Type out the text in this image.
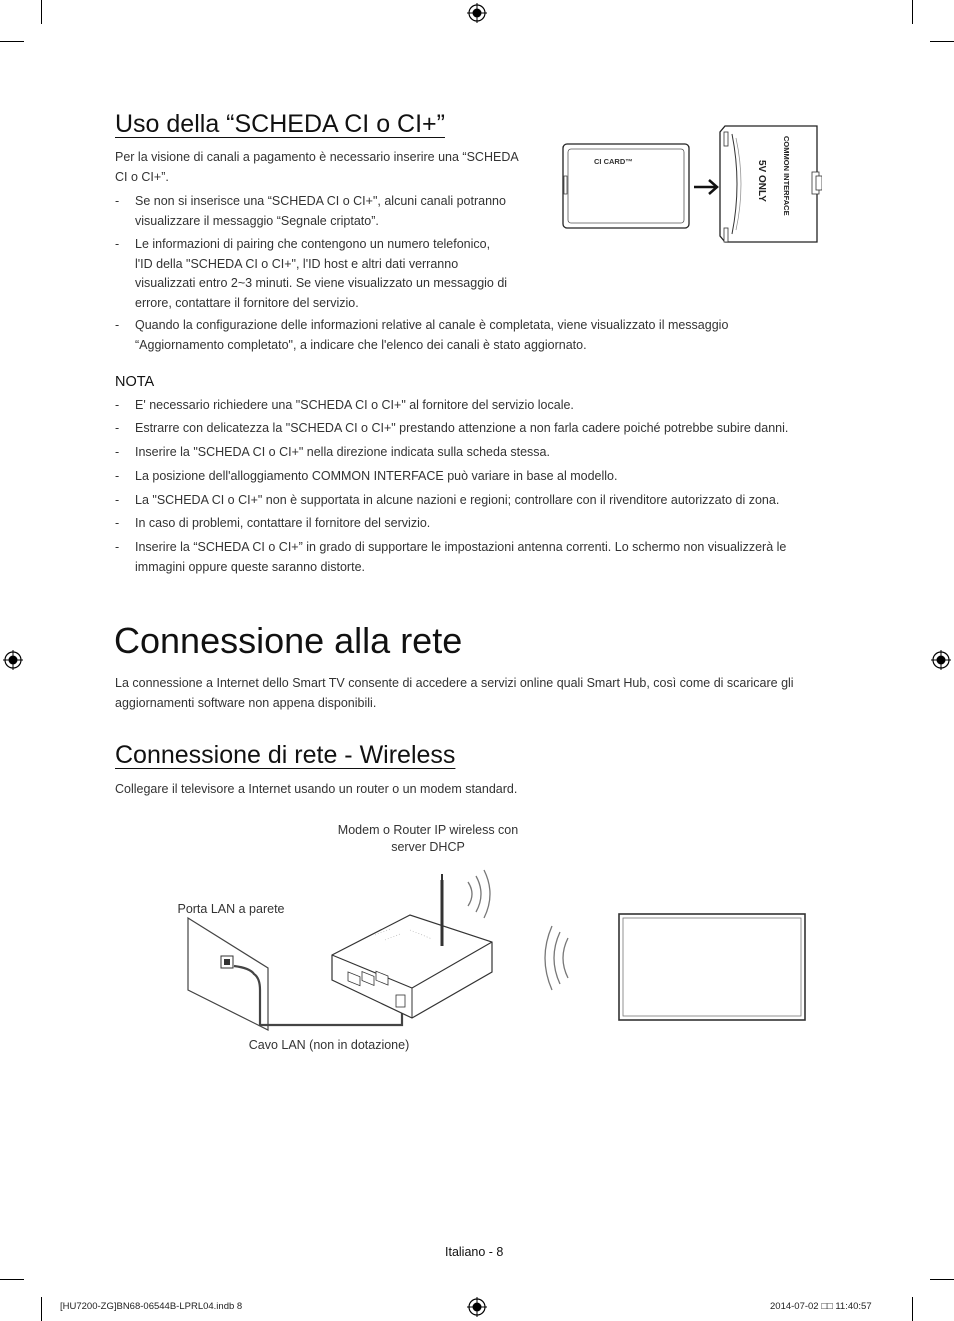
Uso della “SCHEDA CI o CI+”
Per la visione di canali a pagamento è necessario inserire una “SCHEDA
CI o CI+”.
- Se non si inserisce una “SCHEDA CI o CI+", alcuni canali potranno
visualizzare il messaggio “Segnale criptato”.
- Le informazioni di pairing che contengono un numero telefonico,
l'ID della "SCHEDA CI o CI+", l'ID host e altri dati verranno
visualizzati entro 2~3 minuti. Se viene visualizzato un messaggio di
errore, contattare il fornitore del servizio.
- Quando la configurazione delle informazioni relative al canale è completata, viene visualizzato il messaggio
“Aggiornamento completato", a indicare che l'elenco dei canali è stato aggiornato.
CI CARD™	COMMON INTERFACE
5V ONLY
NOTA
- E' necessario richiedere una "SCHEDA CI o CI+" al fornitore del servizio locale.
- Estrarre con delicatezza la "SCHEDA CI o CI+" prestando attenzione a non farla cadere poiché potrebbe subire danni.
- Inserire la "SCHEDA CI o CI+" nella direzione indicata sulla scheda stessa.
- La posizione dell'alloggiamento COMMON INTERFACE può variare in base al modello.
- La "SCHEDA CI o CI+" non è supportata in alcune nazioni e regioni; controllare con il rivenditore autorizzato di zona.
- In caso di problemi, contattare il fornitore del servizio.
- Inserire la “SCHEDA CI o CI+” in grado di supportare le impostazioni antenna correnti. Lo schermo non visualizzerà le
immagini oppure queste saranno distorte.
Connessione alla rete
La connessione a Internet dello Smart TV consente di accedere a servizi online quali Smart Hub, così come di scaricare gli
aggiornamenti software non appena disponibili.
Connessione di rete - Wireless
Collegare il televisore a Internet usando un router o un modem standard.
Modem o Router IP wireless con
server DHCP
Porta LAN a parete
Cavo LAN (non in dotazione)
Italiano - 8
[HU7200-ZG]BN68-06544B-LPRL04.indb 8	2014-07-02 □□ 11:40:57
